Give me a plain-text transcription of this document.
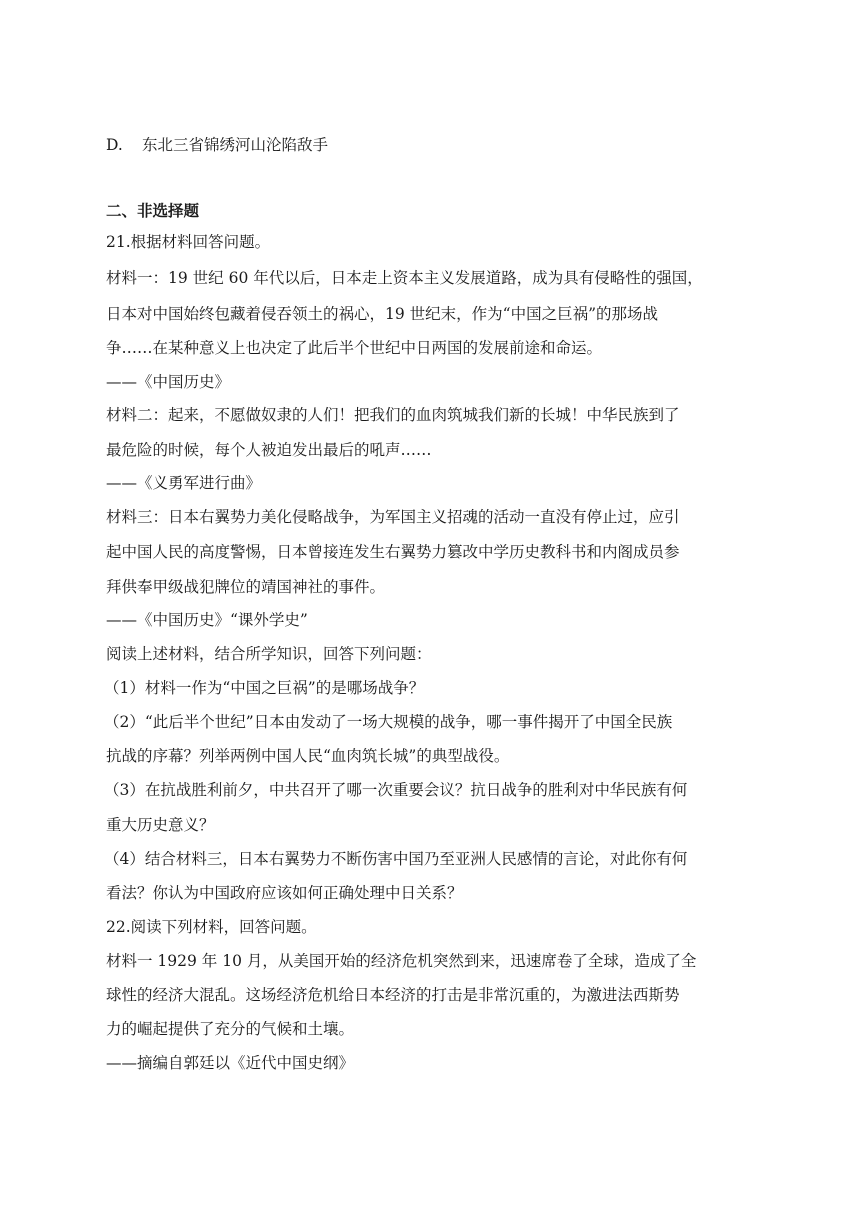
D. 东北三省锦绣河山沦陷敌手
二、非选择题
21.根据材料回答问题。
材料一：19 世纪 60 年代以后，日本走上资本主义发展道路，成为具有侵略性的强国，
日本对中国始终包藏着侵吞领土的祸心，19 世纪末，作为“中国之巨祸”的那场战
争……在某种意义上也决定了此后半个世纪中日两国的发展前途和命运。
——《中国历史》
材料二：起来，不愿做奴隶的人们！把我们的血肉筑城我们新的长城！中华民族到了
最危险的时候，每个人被迫发出最后的吼声……
——《义勇军进行曲》
材料三：日本右翼势力美化侵略战争，为军国主义招魂的活动一直没有停止过，应引
起中国人民的高度警惕，日本曾接连发生右翼势力篡改中学历史教科书和内阁成员参
拜供奉甲级战犯牌位的靖国神社的事件。
——《中国历史》“课外学史”
阅读上述材料，结合所学知识，回答下列问题：
（1）材料一作为“中国之巨祸”的是哪场战争？
（2）“此后半个世纪”日本由发动了一场大规模的战争，哪一事件揭开了中国全民族
抗战的序幕？列举两例中国人民“血肉筑长城”的典型战役。
（3）在抗战胜利前夕，中共召开了哪一次重要会议？抗日战争的胜利对中华民族有何
重大历史意义？
（4）结合材料三，日本右翼势力不断伤害中国乃至亚洲人民感情的言论，对此你有何
看法？你认为中国政府应该如何正确处理中日关系？
22.阅读下列材料，回答问题。
材料一 1929 年 10 月，从美国开始的经济危机突然到来，迅速席卷了全球，造成了全
球性的经济大混乱。这场经济危机给日本经济的打击是非常沉重的，为激进法西斯势
力的崛起提供了充分的气候和土壤。
——摘编自郭廷以《近代中国史纲》
